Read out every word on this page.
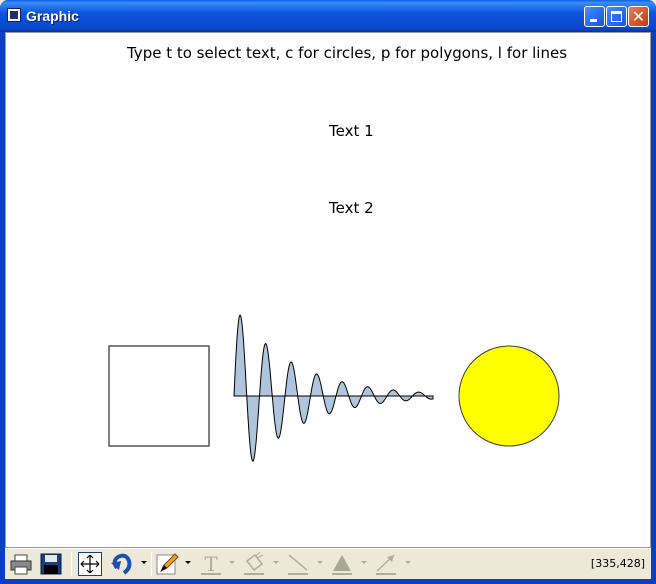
Graphic	✕
Type t to select text, c for circles, p for polygons, l for lines
Text 1
Text 2
T	[335,428]
